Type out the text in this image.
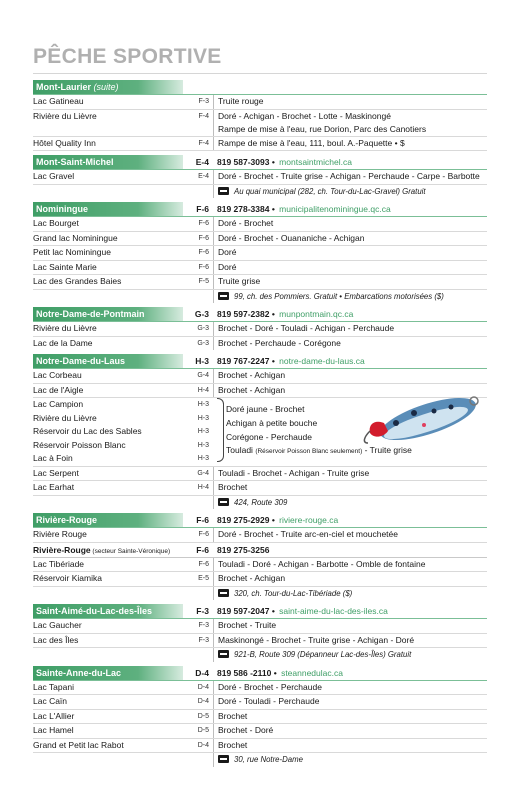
PÊCHE SPORTIVE
Mont-Laurier (suite)
Lac Gatineau	F-3	Truite rouge
Rivière du Lièvre	F-4	Doré - Achigan - Brochet - Lotte - Maskinongé
Rampe de mise à l'eau, rue Dorion, Parc des Canotiers
Hôtel Quality Inn	F-4	Rampe de mise à l'eau, 111, boul. A.-Paquette • $
Mont-Saint-Michel	E-4 819 587-3093 • montsaintmichel.ca
Lac Gravel	E-4	Doré - Brochet - Truite grise - Achigan - Perchaude - Carpe - Barbotte
Au quai municipal (282, ch. Tour-du-Lac-Gravel) Gratuit
Nominingue	F-6 819 278-3384 • municipalitenominingue.qc.ca
Lac Bourget	F-6	Doré - Brochet
Grand lac Nominingue	F-6	Doré - Brochet - Ouananiche - Achigan
Petit lac Nominingue	F-6	Doré
Lac Sainte Marie	F-6	Doré
Lac des Grandes Baies	F-5	Truite grise
99, ch. des Pommiers. Gratuit • Embarcations motorisées ($)
Notre-Dame-de-Pontmain	G-3 819 597-2382 • munpontmain.qc.ca
Rivière du Lièvre	G-3	Brochet - Doré - Touladi - Achigan - Perchaude
Lac de la Dame	G-3	Brochet - Perchaude - Corégone
Notre-Dame-du-Laus	H-3 819 767-2247 • notre-dame-du-laus.ca
Lac Corbeau	G-4	Brochet - Achigan
Lac de l'Aigle	H-4	Brochet - Achigan
Lac Campion	H-3
Rivière du Lièvre	H-3
Réservoir du Lac des Sables	H-3
Réservoir Poisson Blanc	H-3
Lac à Foin	H-3
Doré jaune - Brochet
Achigan à petite bouche
Corégone - Perchaude
Touladi (Réservoir Poisson Blanc seulement) - Truite grise
Lac Serpent	G-4	Touladi - Brochet - Achigan - Truite grise
Lac Earhat	H-4	Brochet
424, Route 309
Rivière-Rouge	F-6 819 275-2929 • riviere-rouge.ca
Rivière Rouge	F-6	Doré - Brochet - Truite arc-en-ciel et mouchetée
Rivière-Rouge (secteur Sainte-Véronique)	F-6 819 275-3256
Lac Tibériade	F-6	Touladi - Doré - Achigan - Barbotte - Omble de fontaine
Réservoir Kiamika	E-5	Brochet - Achigan
320, ch. Tour-du-Lac-Tibériade ($)
Saint-Aimé-du-Lac-des-Îles	F-3 819 597-2047 • saint-aime-du-lac-des-iles.ca
Lac Gaucher	F-3	Brochet - Truite
Lac des Îles	F-3	Maskinongé - Brochet - Truite grise - Achigan - Doré
921-B, Route 309 (Dépanneur Lac-des-Îles) Gratuit
Sainte-Anne-du-Lac	D-4 819 586 -2110 • steannedulac.ca
Lac Tapani	D-4	Doré - Brochet - Perchaude
Lac Caïn	D-4	Doré - Touladi - Perchaude
Lac L'Allier	D-5	Brochet
Lac Hamel	D-5	Brochet - Doré
Grand et Petit lac Rabot	D-4	Brochet
30, rue Notre-Dame
